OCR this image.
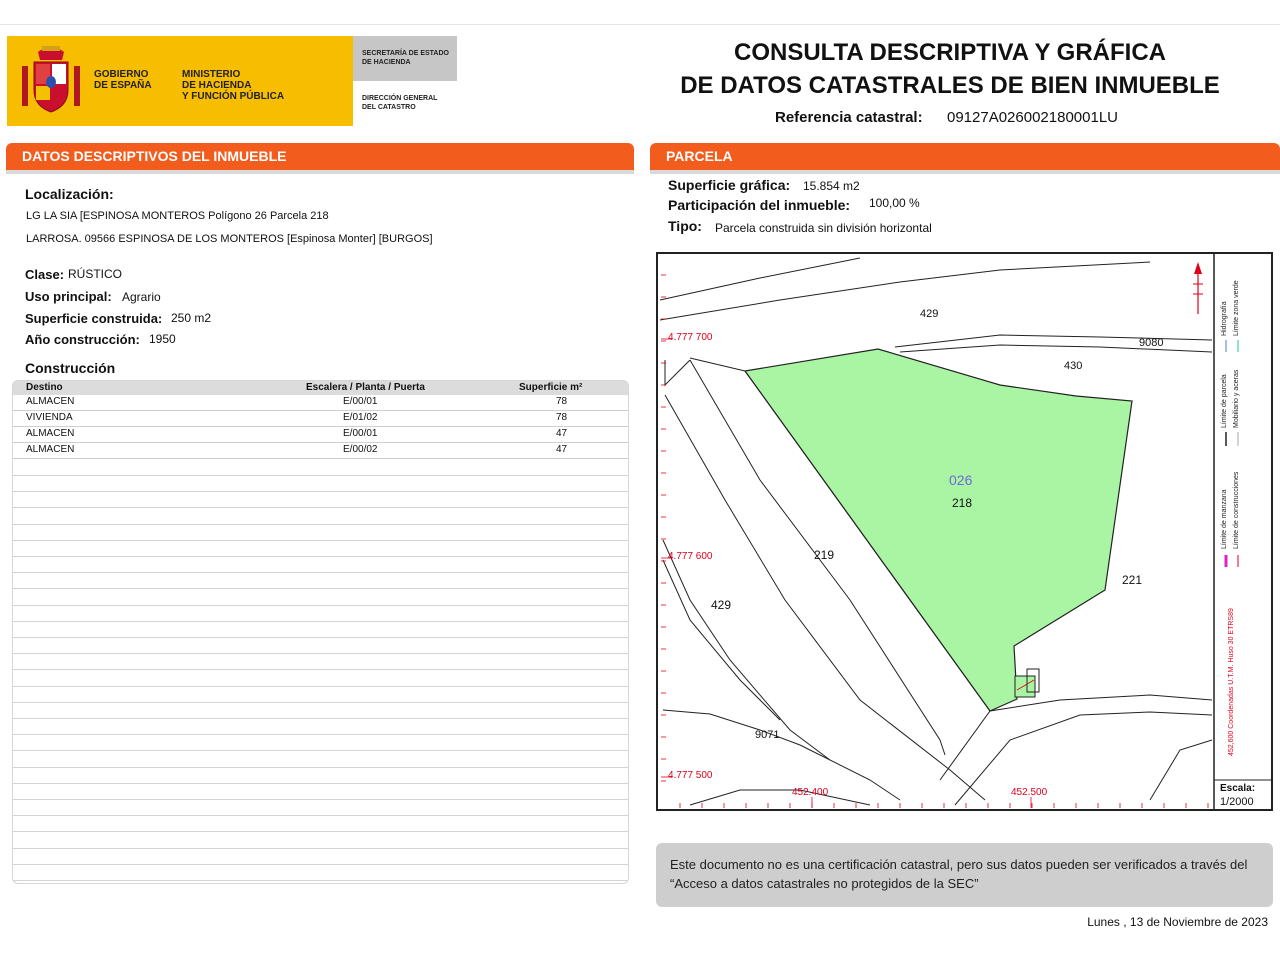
GOBIERNO
DE ESPAÑA
MINISTERIO
DE HACIENDA
Y FUNCIÓN PÚBLICA
SECRETARÍA DE ESTADO
DE HACIENDA
DIRECCIÓN GENERAL
DEL CATASTRO
CONSULTA DESCRIPTIVA Y GRÁFICA
DE DATOS CATASTRALES DE BIEN INMUEBLE
Referencia catastral: 09127A026002180001LU
DATOS DESCRIPTIVOS DEL INMUEBLE
Localización:
LG LA SIA [ESPINOSA MONTEROS Polígono 26 Parcela 218
LARROSA. 09566 ESPINOSA DE LOS MONTEROS [Espinosa Monter] [BURGOS]
Clase: RÚSTICO
Uso principal: Agrario
Superficie construida: 250 m2
Año construcción: 1950
Construcción
Destino	Escalera / Planta / Puerta	Superficie m²
ALMACEN	E/00/01	78
VIVIENDA	E/01/02	78
ALMACEN	E/00/01	47
ALMACEN	E/00/02	47
PARCELA
Superficie gráfica: 15.854 m2
Participación del inmueble: 100,00 %
Tipo: Parcela construida sin división horizontal
429
9080
430
026
218
219
221
429
9071
4.777 700
4.777 600
4.777 500
452.400	452.500
Hidrografía Límite zona verde
Límite de parcela Mobiliario y aceras
Límite de manzana Límite de construcciones
452,600 Coordenadas U.T.M. Huso 30 ETRS89
Escala:
1/2000
Este documento no es una certificación catastral, pero sus datos pueden ser verificados a través del “Acceso a datos catastrales no protegidos de la SEC”
Lunes , 13 de Noviembre de 2023
